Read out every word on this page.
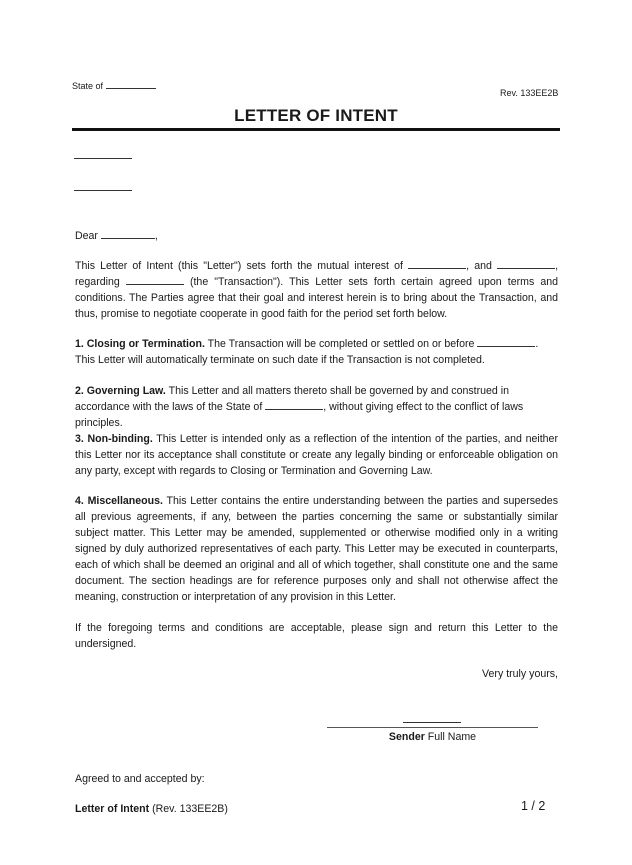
State of
Rev. 133EE2B
LETTER OF INTENT
Dear	,
This Letter of Intent (this "Letter") sets forth the mutual interest of	, and	, regarding	(the "Transaction"). This Letter sets forth certain agreed upon terms and conditions. The Parties agree that their goal and interest herein is to bring about the Transaction, and thus, promise to negotiate cooperate in good faith for the period set forth below.
1. Closing or Termination. The Transaction will be completed or settled on or before	. This Letter will automatically terminate on such date if the Transaction is not completed.
2. Governing Law. This Letter and all matters thereto shall be governed by and construed in accordance with the laws of the State of	, without giving effect to the conflict of laws principles.
3. Non-binding. This Letter is intended only as a reflection of the intention of the parties, and neither this Letter nor its acceptance shall constitute or create any legally binding or enforceable obligation on any party, except with regards to Closing or Termination and Governing Law.
4. Miscellaneous. This Letter contains the entire understanding between the parties and supersedes all previous agreements, if any, between the parties concerning the same or substantially similar subject matter. This Letter may be amended, supplemented or otherwise modified only in a writing signed by duly authorized representatives of each party. This Letter may be executed in counterparts, each of which shall be deemed an original and all of which together, shall constitute one and the same document. The section headings are for reference purposes only and shall not otherwise affect the meaning, construction or interpretation of any provision in this Letter.
If the foregoing terms and conditions are acceptable, please sign and return this Letter to the undersigned.
Very truly yours,
Sender Full Name
Agreed to and accepted by:
Letter of Intent (Rev. 133EE2B)	1 / 2
